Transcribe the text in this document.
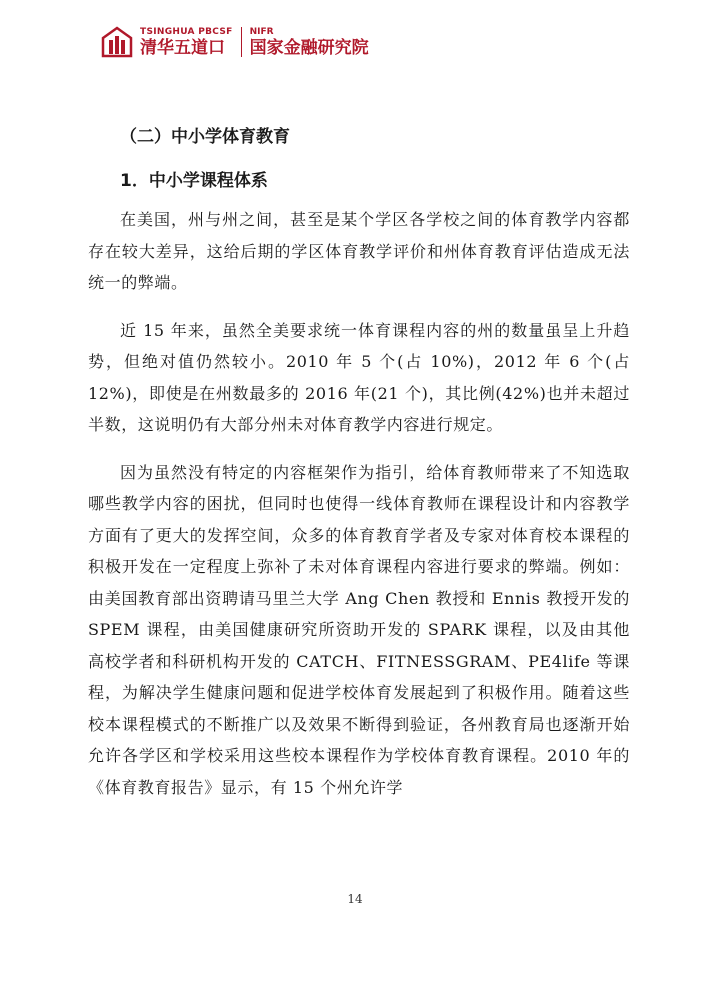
TSINGHUA PBCSF
清华五道口
NIFR
国家金融研究院
（二）中小学体育教育
1．中小学课程体系

在美国，州与州之间，甚至是某个学区各学校之间的体育教学内容都存在较大差异，这给后期的学区体育教学评价和州体育教育评估造成无法统一的弊端。

近 15 年来，虽然全美要求统一体育课程内容的州的数量虽呈上升趋势，但绝对值仍然较小。2010 年 5 个(占 10%)，2012 年 6 个(占 12%)，即使是在州数最多的 2016 年(21 个)，其比例(42%)也并未超过半数，这说明仍有大部分州未对体育教学内容进行规定。

因为虽然没有特定的内容框架作为指引，给体育教师带来了不知选取哪些教学内容的困扰，但同时也使得一线体育教师在课程设计和内容教学方面有了更大的发挥空间，众多的体育教育学者及专家对体育校本课程的积极开发在一定程度上弥补了未对体育课程内容进行要求的弊端。例如：由美国教育部出资聘请马里兰大学 Ang Chen 教授和 Ennis 教授开发的 SPEM 课程，由美国健康研究所资助开发的 SPARK 课程，以及由其他高校学者和科研机构开发的 CATCH、FITNESSGRAM、PE4life 等课程，为解决学生健康问题和促进学校体育发展起到了积极作用。随着这些校本课程模式的不断推广以及效果不断得到验证，各州教育局也逐渐开始允许各学区和学校采用这些校本课程作为学校体育教育课程。2010 年的《体育教育报告》显示，有 15 个州允许学

14
